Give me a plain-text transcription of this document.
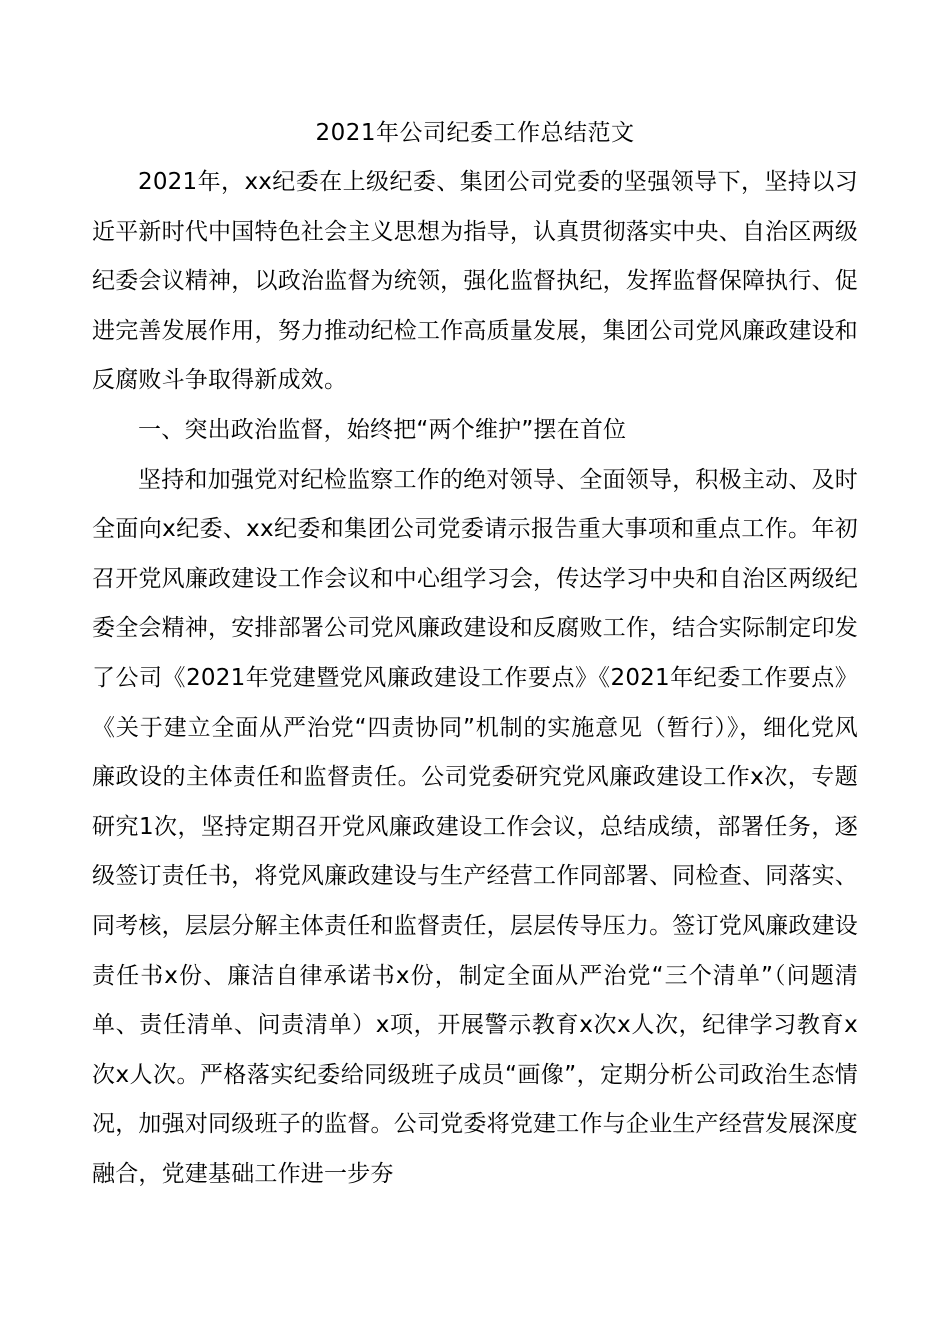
2021年公司纪委工作总结范文

2021年，xx纪委在上级纪委、集团公司党委的坚强领导下，坚持以习近平新时代中国特色社会主义思想为指导，认真贯彻落实中央、自治区两级纪委会议精神，以政治监督为统领，强化监督执纪，发挥监督保障执行、促进完善发展作用，努力推动纪检工作高质量发展，集团公司党风廉政建设和反腐败斗争取得新成效。

一、突出政治监督，始终把“两个维护”摆在首位

坚持和加强党对纪检监察工作的绝对领导、全面领导，积极主动、及时全面向x纪委、xx纪委和集团公司党委请示报告重大事项和重点工作。年初召开党风廉政建设工作会议和中心组学习会，传达学习中央和自治区两级纪委全会精神，安排部署公司党风廉政建设和反腐败工作，结合实际制定印发了公司《2021年党建暨党风廉政建设工作要点》《2021年纪委工作要点》《关于建立全面从严治党“四责协同”机制的实施意见（暂行）》，细化党风廉政设的主体责任和监督责任。公司党委研究党风廉政建设工作x次，专题研究1次，坚持定期召开党风廉政建设工作会议，总结成绩，部署任务，逐级签订责任书，将党风廉政建设与生产经营工作同部署、同检查、同落实、同考核，层层分解主体责任和监督责任，层层传导压力。签订党风廉政建设责任书x份、廉洁自律承诺书x份，制定全面从严治党“三个清单”（问题清单、责任清单、问责清单）x项，开展警示教育x次x人次，纪律学习教育x次x人次。严格落实纪委给同级班子成员“画像”，定期分析公司政治生态情况，加强对同级班子的监督。公司党委将党建工作与企业生产经营发展深度融合，党建基础工作进一步夯
